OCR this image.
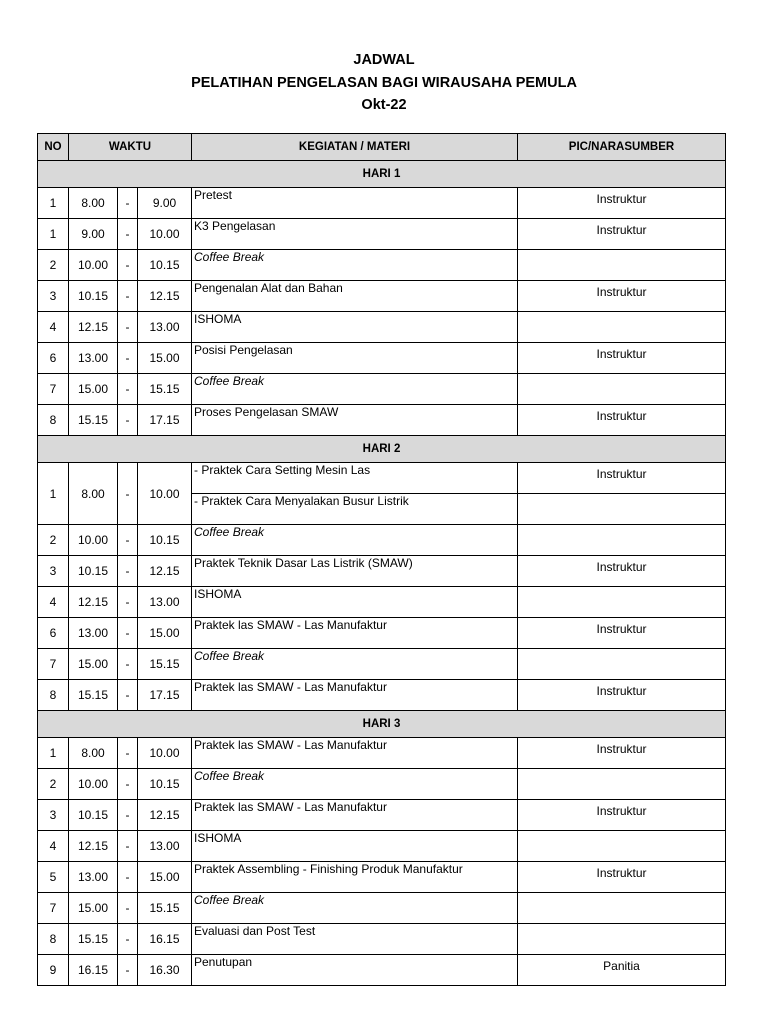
JADWAL
PELATIHAN PENGELASAN BAGI WIRAUSAHA PEMULA
Okt-22
NO	WAKTU			KEGIATAN / MATERI	PIC/NARASUMBER
HARI 1					
1	8.00	-	9.00	Pretest	Instruktur
1	9.00	-	10.00	K3 Pengelasan	Instruktur
2	10.00	-	10.15	Coffee Break	
3	10.15	-	12.15	Pengenalan Alat dan Bahan	Instruktur
4	12.15	-	13.00	ISHOMA	
6	13.00	-	15.00	Posisi Pengelasan	Instruktur
7	15.00	-	15.15	Coffee Break	
8	15.15	-	17.15	Proses Pengelasan SMAW	Instruktur
HARI 2					
1	8.00	-	10.00	- Praktek Cara Setting Mesin Las	Instruktur
				- Praktek Cara Menyalakan Busur Listrik	
2	10.00	-	10.15	Coffee Break	
3	10.15	-	12.15	Praktek Teknik Dasar Las Listrik (SMAW)	Instruktur
4	12.15	-	13.00	ISHOMA	
6	13.00	-	15.00	Praktek las SMAW - Las Manufaktur	Instruktur
7	15.00	-	15.15	Coffee Break	
8	15.15	-	17.15	Praktek las SMAW - Las Manufaktur	Instruktur
HARI 3					
1	8.00	-	10.00	Praktek las SMAW - Las Manufaktur	Instruktur
2	10.00	-	10.15	Coffee Break	
3	10.15	-	12.15	Praktek las SMAW - Las Manufaktur	Instruktur
4	12.15	-	13.00	ISHOMA	
5	13.00	-	15.00	Praktek Assembling - Finishing Produk Manufaktur	Instruktur
7	15.00	-	15.15	Coffee Break	
8	15.15	-	16.15	Evaluasi dan Post Test	
9	16.15	-	16.30	Penutupan	Panitia
